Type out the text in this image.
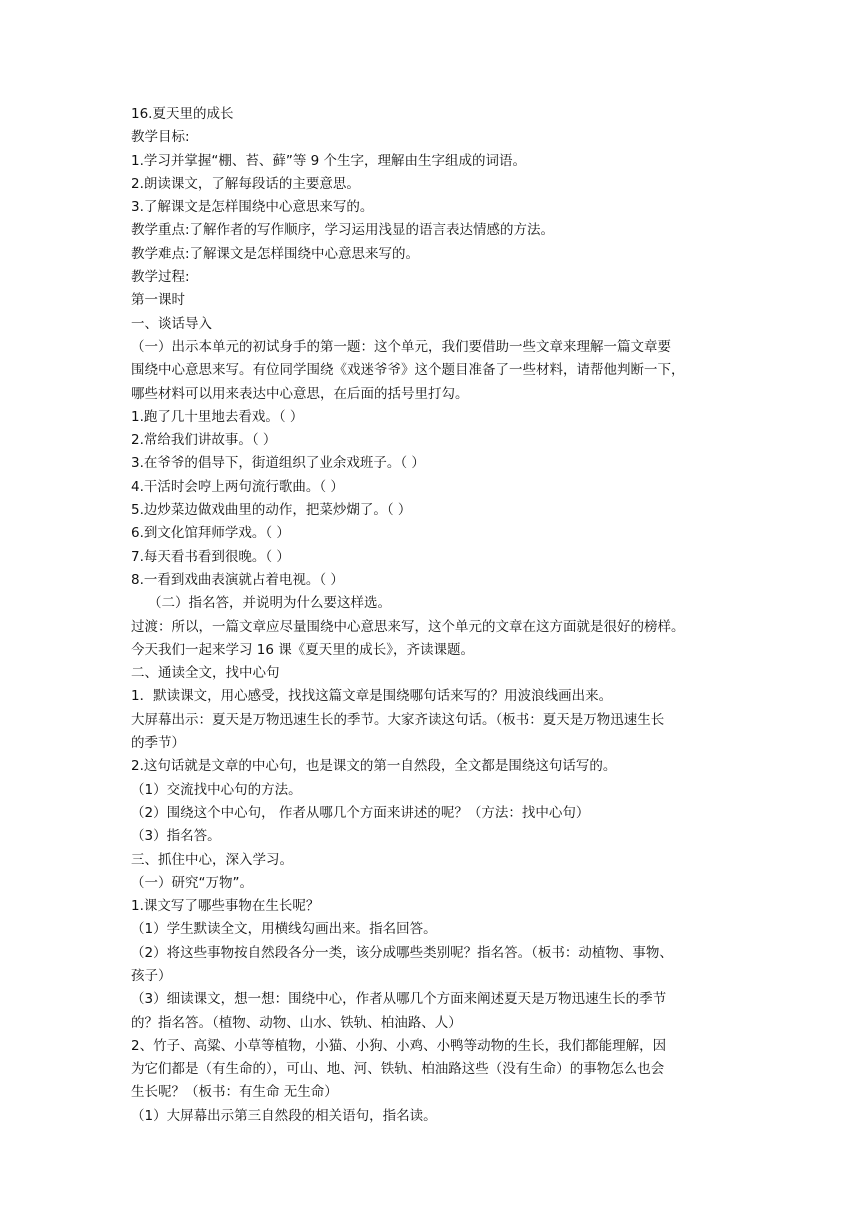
16.夏天里的成长
教学目标:
1.学习并掌握“棚、苔、藓”等 9 个生字，理解由生字组成的词语。
2.朗读课文，了解每段话的主要意思。
3.了解课文是怎样围绕中心意思来写的。
教学重点:了解作者的写作顺序，学习运用浅显的语言表达情感的方法。
教学难点:了解课文是怎样围绕中心意思来写的。
教学过程:
第一课时
一、谈话导入
（一）出示本单元的初试身手的第一题：这个单元，我们要借助一些文章来理解一篇文章要
围绕中心意思来写。有位同学围绕《戏迷爷爷》这个题目准备了一些材料，请帮他判断一下，
哪些材料可以用来表达中心意思，在后面的括号里打勾。
1.跑了几十里地去看戏。（ ）
2.常给我们讲故事。（ ）
3.在爷爷的倡导下，街道组织了业余戏班子。（ ）
4.干活时会哼上两句流行歌曲。（ ）
5.边炒菜边做戏曲里的动作，把菜炒煳了。（ ）
6.到文化馆拜师学戏。（ ）
7.每天看书看到很晚。（ ）
8.一看到戏曲表演就占着电视。（ ）
（二）指名答，并说明为什么要这样选。
过渡：所以，一篇文章应尽量围绕中心意思来写，这个单元的文章在这方面就是很好的榜样。
今天我们一起来学习 16 课《夏天里的成长》，齐读课题。
二、通读全文，找中心句
1．默读课文，用心感受，找找这篇文章是围绕哪句话来写的？用波浪线画出来。
大屏幕出示：夏天是万物迅速生长的季节。大家齐读这句话。（板书：夏天是万物迅速生长
的季节）
2.这句话就是文章的中心句，也是课文的第一自然段，全文都是围绕这句话写的。
（1）交流找中心句的方法。
（2）围绕这个中心句， 作者从哪几个方面来讲述的呢？（方法：找中心句）
（3）指名答。
三、抓住中心，深入学习。
（一）研究“万物”。
1.课文写了哪些事物在生长呢？
（1）学生默读全文，用横线勾画出来。指名回答。
（2）将这些事物按自然段各分一类，该分成哪些类别呢？指名答。（板书：动植物、事物、
孩子）
（3）细读课文，想一想：围绕中心，作者从哪几个方面来阐述夏天是万物迅速生长的季节
的？指名答。（植物、动物、山水、铁轨、柏油路、人）
2、竹子、高粱、小草等植物，小猫、小狗、小鸡、小鸭等动物的生长，我们都能理解，因
为它们都是（有生命的），可山、地、河、铁轨、柏油路这些（没有生命）的事物怎么也会
生长呢？（板书：有生命 无生命）
（1）大屏幕出示第三自然段的相关语句，指名读。
